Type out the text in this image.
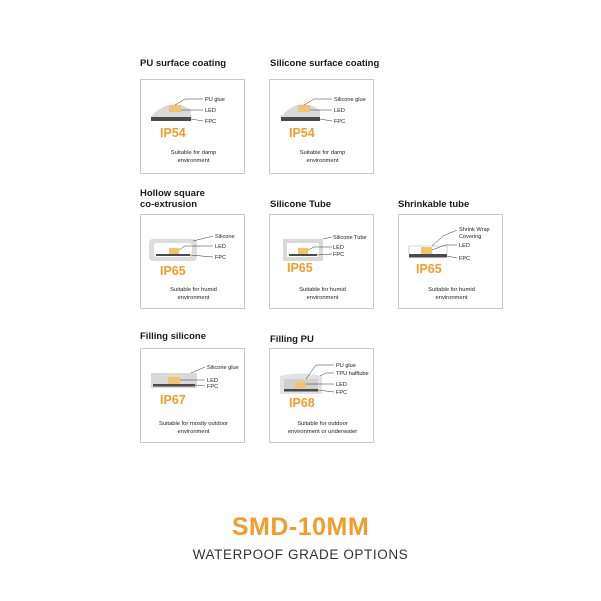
PU surface coating
PU glue
LED
FPC
IP54
Suitable for damp
environment
Silicone surface coating
Silicone glue
LED
FPC
IP54
Suitable for damp
environment
Hollow square
co-extrusion
Silicone
LED
FPC
IP65
Suitable for humid
environment
Silicone Tube
Silicone Tube
LED
FPC
IP65
Suitable for humid
environment
Shrinkable tube
Shrink Wrap
Covering
LED
FPC
IP65
Suitable for humid
environment
Filling silicone
Silicone glue
LED
FPC
IP67
Suitable for mostly outdoor
environment
Filling PU
PU glue
TPU halftube
LED
FPC
IP68
Suitable for outdoor
environment or underwater
SMD-10MM
WATERPOOF GRADE OPTIONS
